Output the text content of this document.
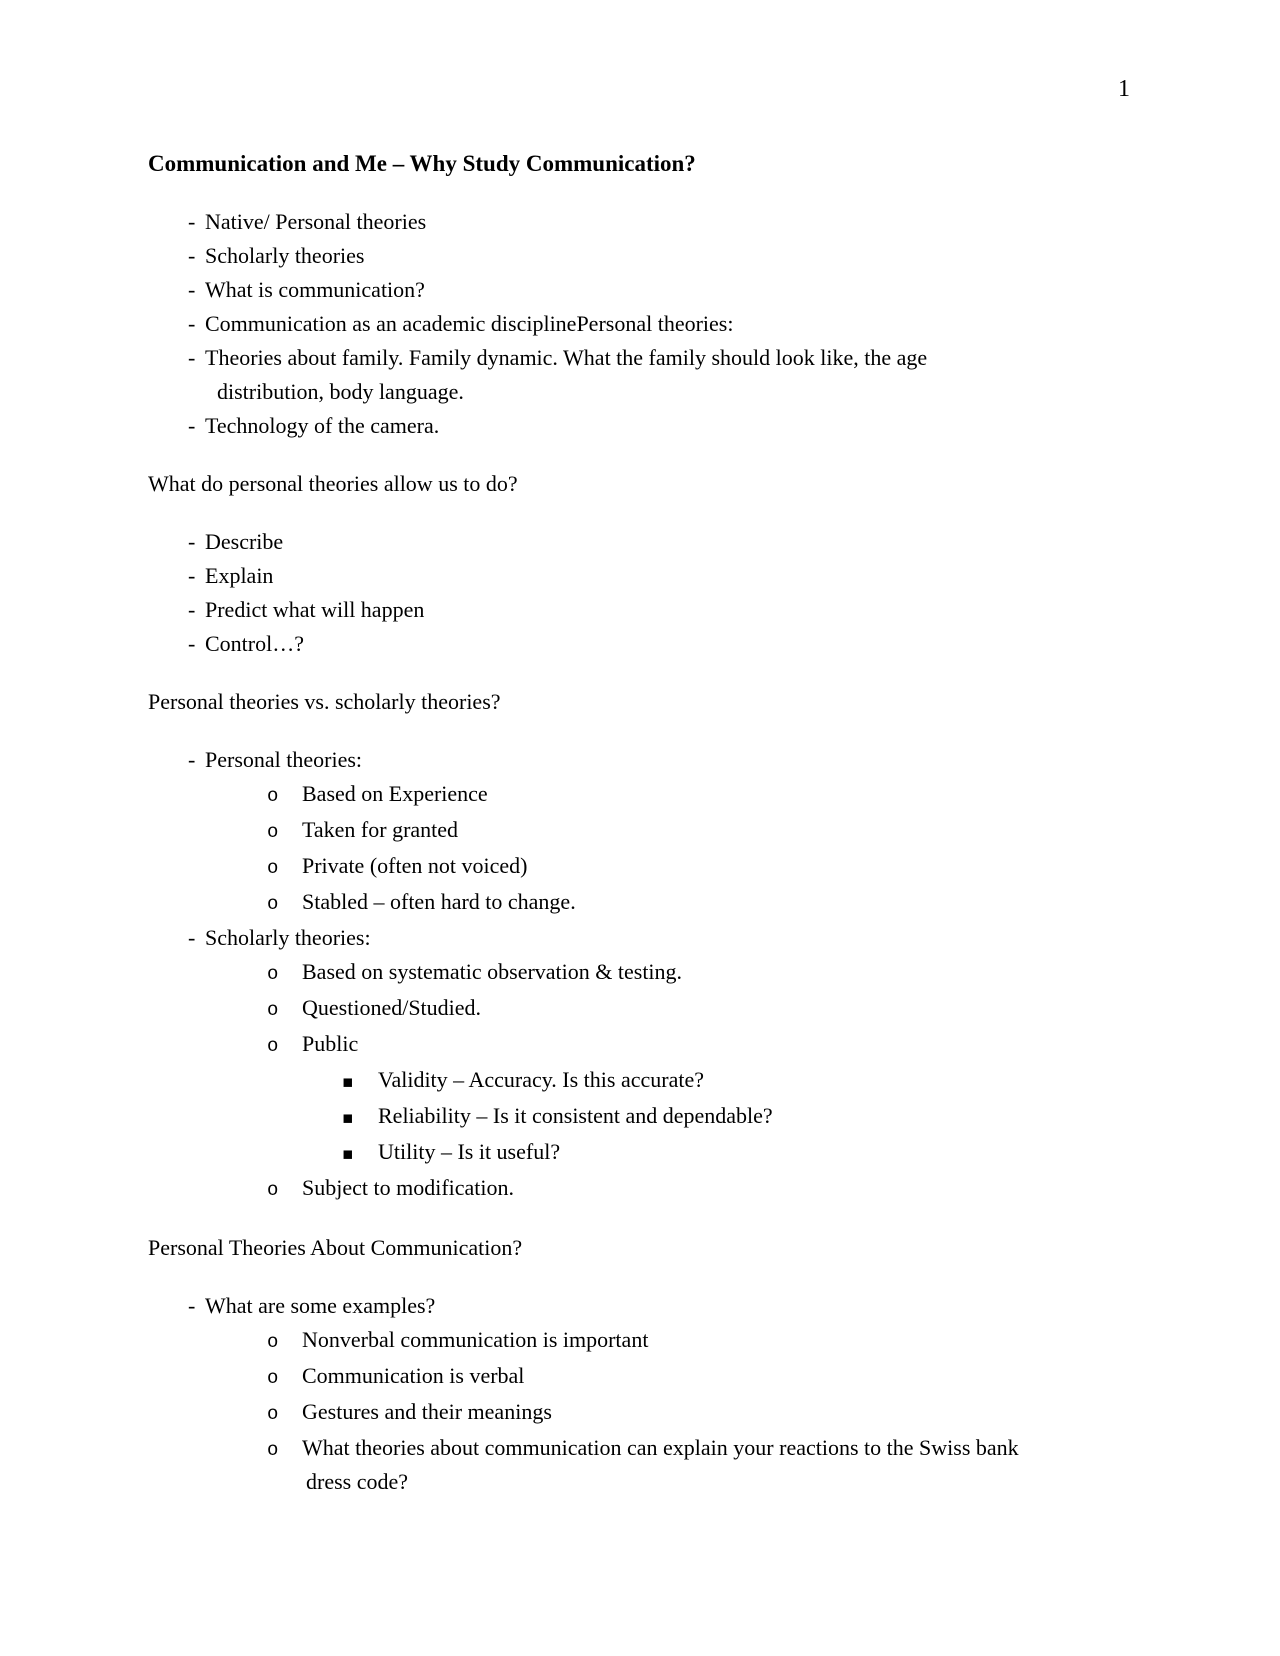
1
Communication and Me – Why Study Communication?
- Native/ Personal theories
- Scholarly theories
- What is communication?
- Communication as an academic disciplinePersonal theories:
- Theories about family. Family dynamic. What the family should look like, the age
distribution, body language.
- Technology of the camera.
What do personal theories allow us to do?
- Describe
- Explain
- Predict what will happen
- Control…?
Personal theories vs. scholarly theories?
- Personal theories:
o	Based on Experience
o	Taken for granted
o	Private (often not voiced)
o	Stabled – often hard to change.
- Scholarly theories:
o	Based on systematic observation & testing.
o	Questioned/Studied.
o	Public
▪	Validity – Accuracy. Is this accurate?
▪	Reliability – Is it consistent and dependable?
▪	Utility – Is it useful?
o	Subject to modification.
Personal Theories About Communication?
- What are some examples?
o	Nonverbal communication is important
o	Communication is verbal
o	Gestures and their meanings
o	What theories about communication can explain your reactions to the Swiss bank
dress code?
